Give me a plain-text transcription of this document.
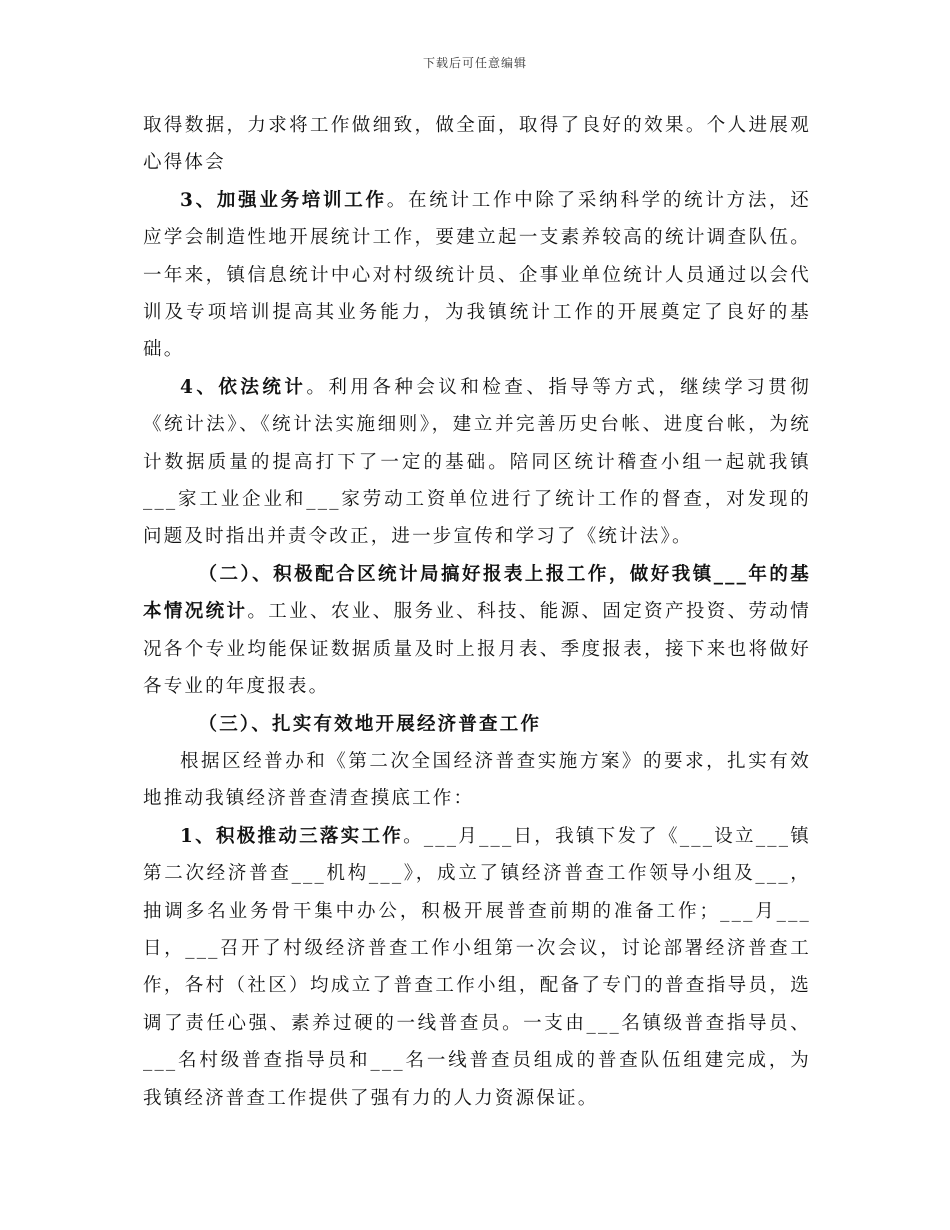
下载后可任意编辑

取得数据，力求将工作做细致，做全面，取得了良好的效果。个人进展观心得体会

3、加强业务培训工作。在统计工作中除了采纳科学的统计方法，还应学会制造性地开展统计工作，要建立起一支素养较高的统计调查队伍。一年来，镇信息统计中心对村级统计员、企事业单位统计人员通过以会代训及专项培训提高其业务能力，为我镇统计工作的开展奠定了良好的基础。

4、依法统计。利用各种会议和检查、指导等方式，继续学习贯彻《统计法》、《统计法实施细则》，建立并完善历史台帐、进度台帐，为统计数据质量的提高打下了一定的基础。陪同区统计稽查小组一起就我镇___家工业企业和___家劳动工资单位进行了统计工作的督查，对发现的问题及时指出并责令改正，进一步宣传和学习了《统计法》。

（二）、积极配合区统计局搞好报表上报工作，做好我镇___年的基本情况统计。工业、农业、服务业、科技、能源、固定资产投资、劳动情况各个专业均能保证数据质量及时上报月表、季度报表，接下来也将做好各专业的年度报表。

（三）、扎实有效地开展经济普查工作

根据区经普办和《第二次全国经济普查实施方案》的要求，扎实有效地推动我镇经济普查清查摸底工作：

1、积极推动三落实工作。___月___日，我镇下发了《___设立___镇第二次经济普查___机构___》，成立了镇经济普查工作领导小组及___，抽调多名业务骨干集中办公，积极开展普查前期的准备工作；___月___日，___召开了村级经济普查工作小组第一次会议，讨论部署经济普查工作，各村（社区）均成立了普查工作小组，配备了专门的普查指导员，选调了责任心强、素养过硬的一线普查员。一支由___名镇级普查指导员、___名村级普查指导员和___名一线普查员组成的普查队伍组建完成，为我镇经济普查工作提供了强有力的人力资源保证。
